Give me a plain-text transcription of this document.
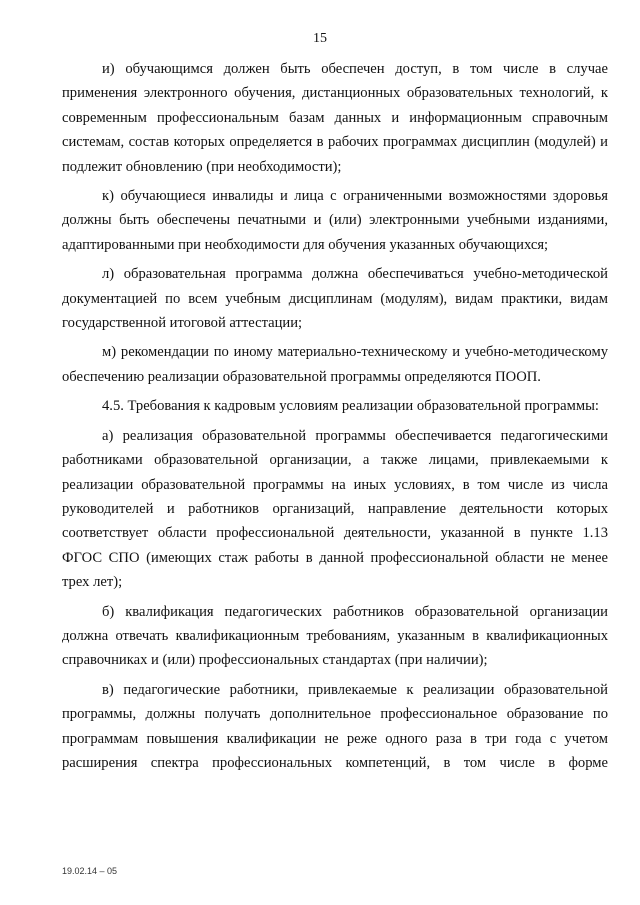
15

и) обучающимся должен быть обеспечен доступ, в том числе в случае применения электронного обучения, дистанционных образовательных технологий, к современным профессиональным базам данных и информационным справочным системам, состав которых определяется в рабочих программах дисциплин (модулей) и подлежит обновлению (при необходимости);

к) обучающиеся инвалиды и лица с ограниченными возможностями здоровья должны быть обеспечены печатными и (или) электронными учебными изданиями, адаптированными при необходимости для обучения указанных обучающихся;

л) образовательная программа должна обеспечиваться учебно-методической документацией по всем учебным дисциплинам (модулям), видам практики, видам государственной итоговой аттестации;

м) рекомендации по иному материально-техническому и учебно-методическому обеспечению реализации образовательной программы определяются ПООП.

4.5. Требования к кадровым условиям реализации образовательной программы:

а) реализация образовательной программы обеспечивается педагогическими работниками образовательной организации, а также лицами, привлекаемыми к реализации образовательной программы на иных условиях, в том числе из числа руководителей и работников организаций, направление деятельности которых соответствует области профессиональной деятельности, указанной в пункте 1.13 ФГОС СПО (имеющих стаж работы в данной профессиональной области не менее трех лет);

б) квалификация педагогических работников образовательной организации должна отвечать квалификационным требованиям, указанным в квалификационных справочниках и (или) профессиональных стандартах (при наличии);

в) педагогические работники, привлекаемые к реализации образовательной программы, должны получать дополнительное профессиональное образование по программам повышения квалификации не реже одного раза в три года с учетом расширения спектра профессиональных компетенций, в том числе в форме

19.02.14 – 05
